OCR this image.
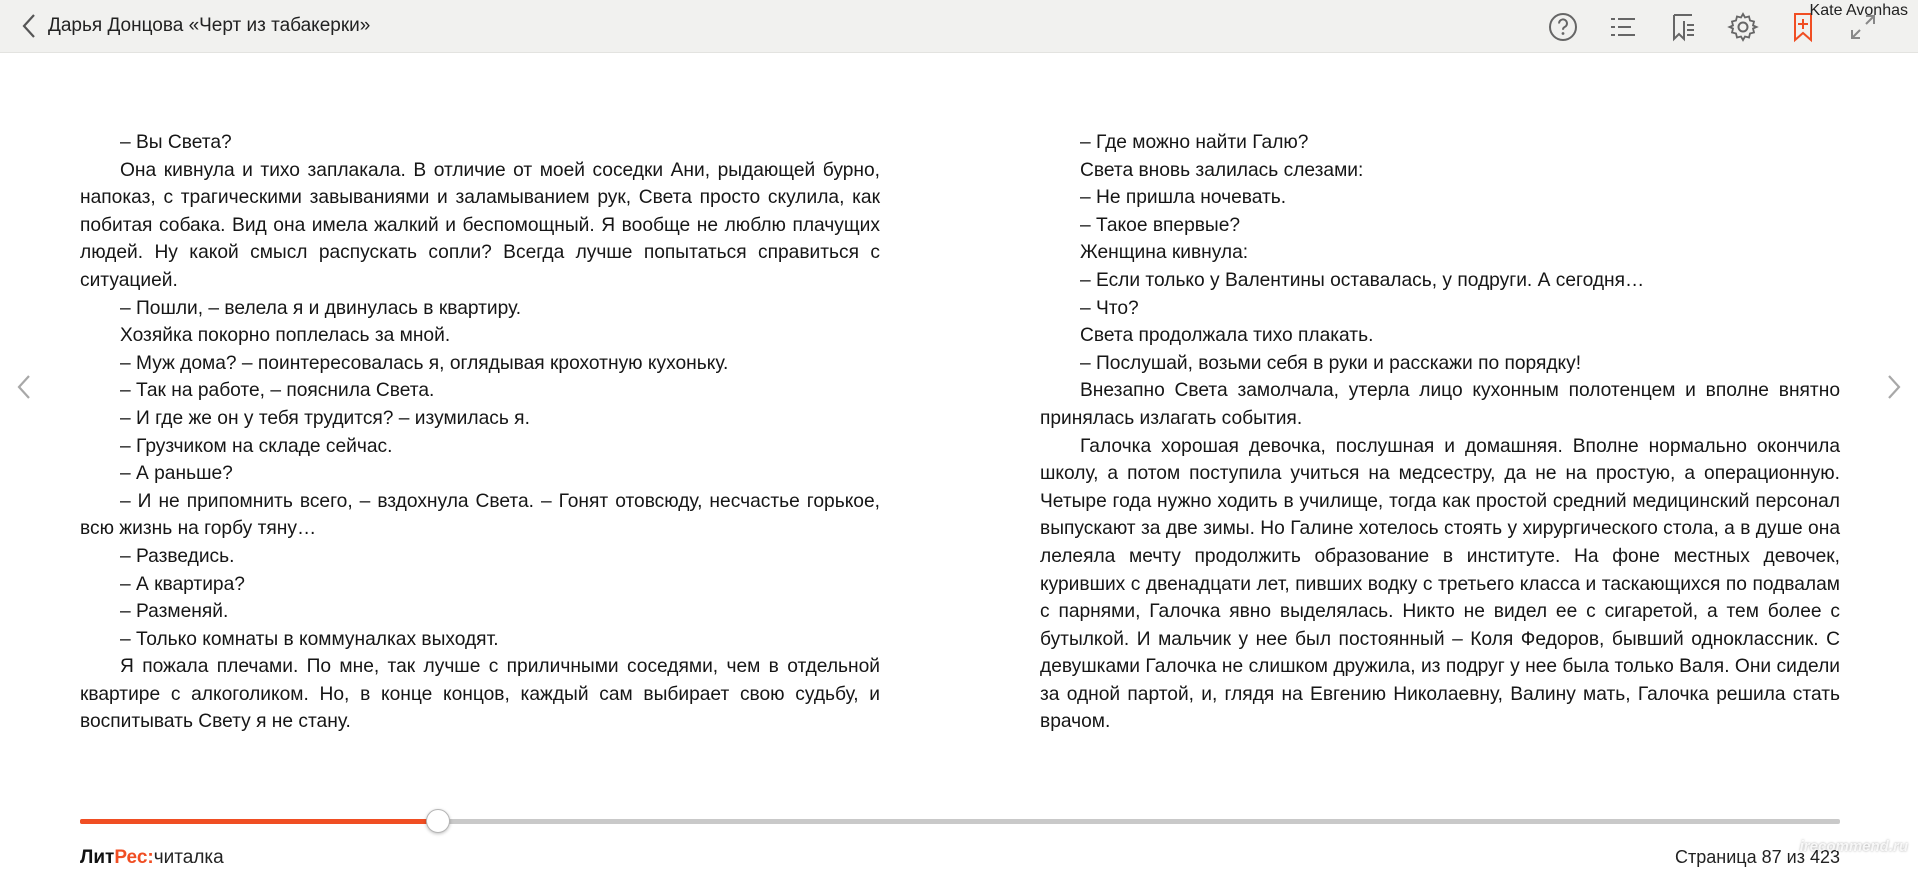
Дарья Донцова «Черт из табакерки»
Kate Avonhas

– Вы Света?

Она кивнула и тихо заплакала. В отличие от моей соседки Ани, рыдающей бурно, напоказ, с трагическими завываниями и заламыванием рук, Света просто скулила, как побитая собака. Вид она имела жалкий и беспомощный. Я вообще не люблю плачущих людей. Ну какой смысл распускать сопли? Всегда лучше попытаться справиться с ситуацией.

– Пошли, – велела я и двинулась в квартиру.

Хозяйка покорно поплелась за мной.

– Муж дома? – поинтересовалась я, оглядывая крохотную кухоньку.

– Так на работе, – пояснила Света.

– И где же он у тебя трудится? – изумилась я.

– Грузчиком на складе сейчас.

– А раньше?

– И не припомнить всего, – вздохнула Света. – Гонят отовсюду, несчастье горькое, всю жизнь на горбу тяну…

– Разведись.

– А квартира?

– Разменяй.

– Только комнаты в коммуналках выходят.

Я пожала плечами. По мне, так лучше с приличными соседями, чем в отдельной квартире с алкоголиком. Но, в конце концов, каждый сам выбирает свою судьбу, и воспитывать Свету я не стану.

– Где можно найти Галю?

Света вновь залилась слезами:

– Не пришла ночевать.

– Такое впервые?

Женщина кивнула:

– Если только у Валентины оставалась, у подруги. А сегодня…

– Что?

Света продолжала тихо плакать.

– Послушай, возьми себя в руки и расскажи по порядку!

Внезапно Света замолчала, утерла лицо кухонным полотенцем и вполне внятно принялась излагать события.

Галочка хорошая девочка, послушная и домашняя. Вполне нормально окончила школу, а потом поступила учиться на медсестру, да не на простую, а операционную. Четыре года нужно ходить в училище, тогда как простой средний медицинский персонал выпускают за две зимы. Но Галине хотелось стоять у хирургического стола, а в душе она лелеяла мечту продолжить образование в институте. На фоне местных девочек, куривших с двенадцати лет, пивших водку с третьего класса и таскающихся по подвалам с парнями, Галочка явно выделялась. Никто не видел ее с сигаретой, а тем более с бутылкой. И мальчик у нее был постоянный – Коля Федоров, бывший одноклассник. С девушками Галочка не слишком дружила, из подруг у нее была только Валя. Они сидели за одной партой, и, глядя на Евгению Николаевну, Валину мать, Галочка решила стать врачом.

ЛитРес:читалка	Страница 87 из 423
irecommend.ru
